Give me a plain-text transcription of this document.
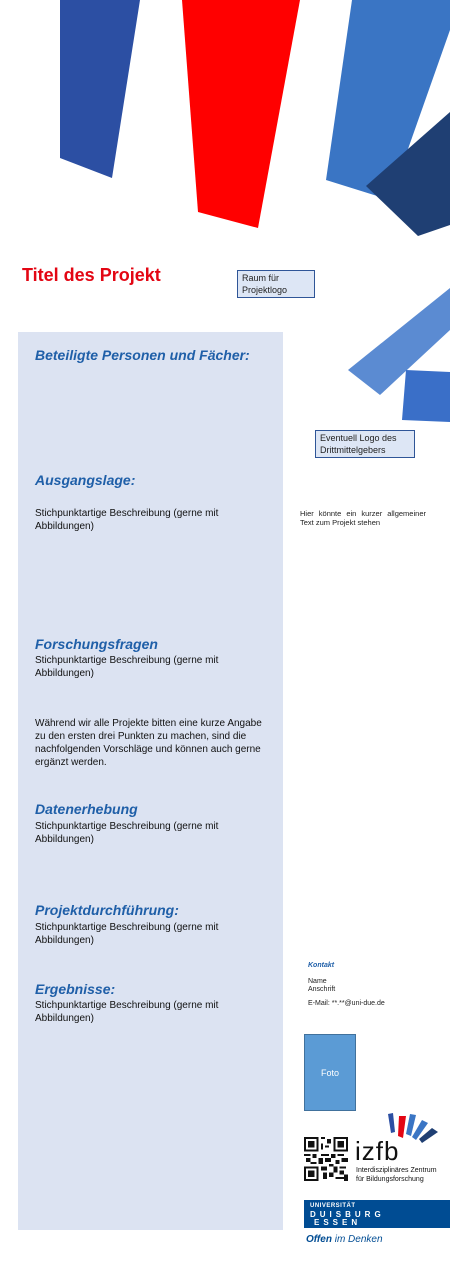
Titel des Projekt	Raum für Projektlogo
Beteiligte Personen und Fächer:
Ausgangslage:

Stichpunktartige Beschreibung (gerne mit Abbildungen)

Forschungsfragen

Stichpunktartige Beschreibung (gerne mit Abbildungen)

Während wir alle Projekte bitten eine kurze Angabe zu den ersten drei Punkten zu machen, sind die nachfolgenden Vorschläge und können auch gerne ergänzt werden.

Datenerhebung

Stichpunktartige Beschreibung (gerne mit Abbildungen)

Projektdurchführung:

Stichpunktartige Beschreibung (gerne mit Abbildungen)

Ergebnisse:

Stichpunktartige Beschreibung (gerne mit Abbildungen)

Eventuell Logo des Drittmittelgebers
Hier könnte ein kurzer allgemeiner Text zum Projekt stehen
Kontakt
Name
Anschrift
E-Mail: **.**@uni-due.de
Foto
izfb
Interdisziplinäres Zentrum
für Bildungsforschung
UNIVERSITÄT
DUISBURG
ESSEN
Offen im Denken
